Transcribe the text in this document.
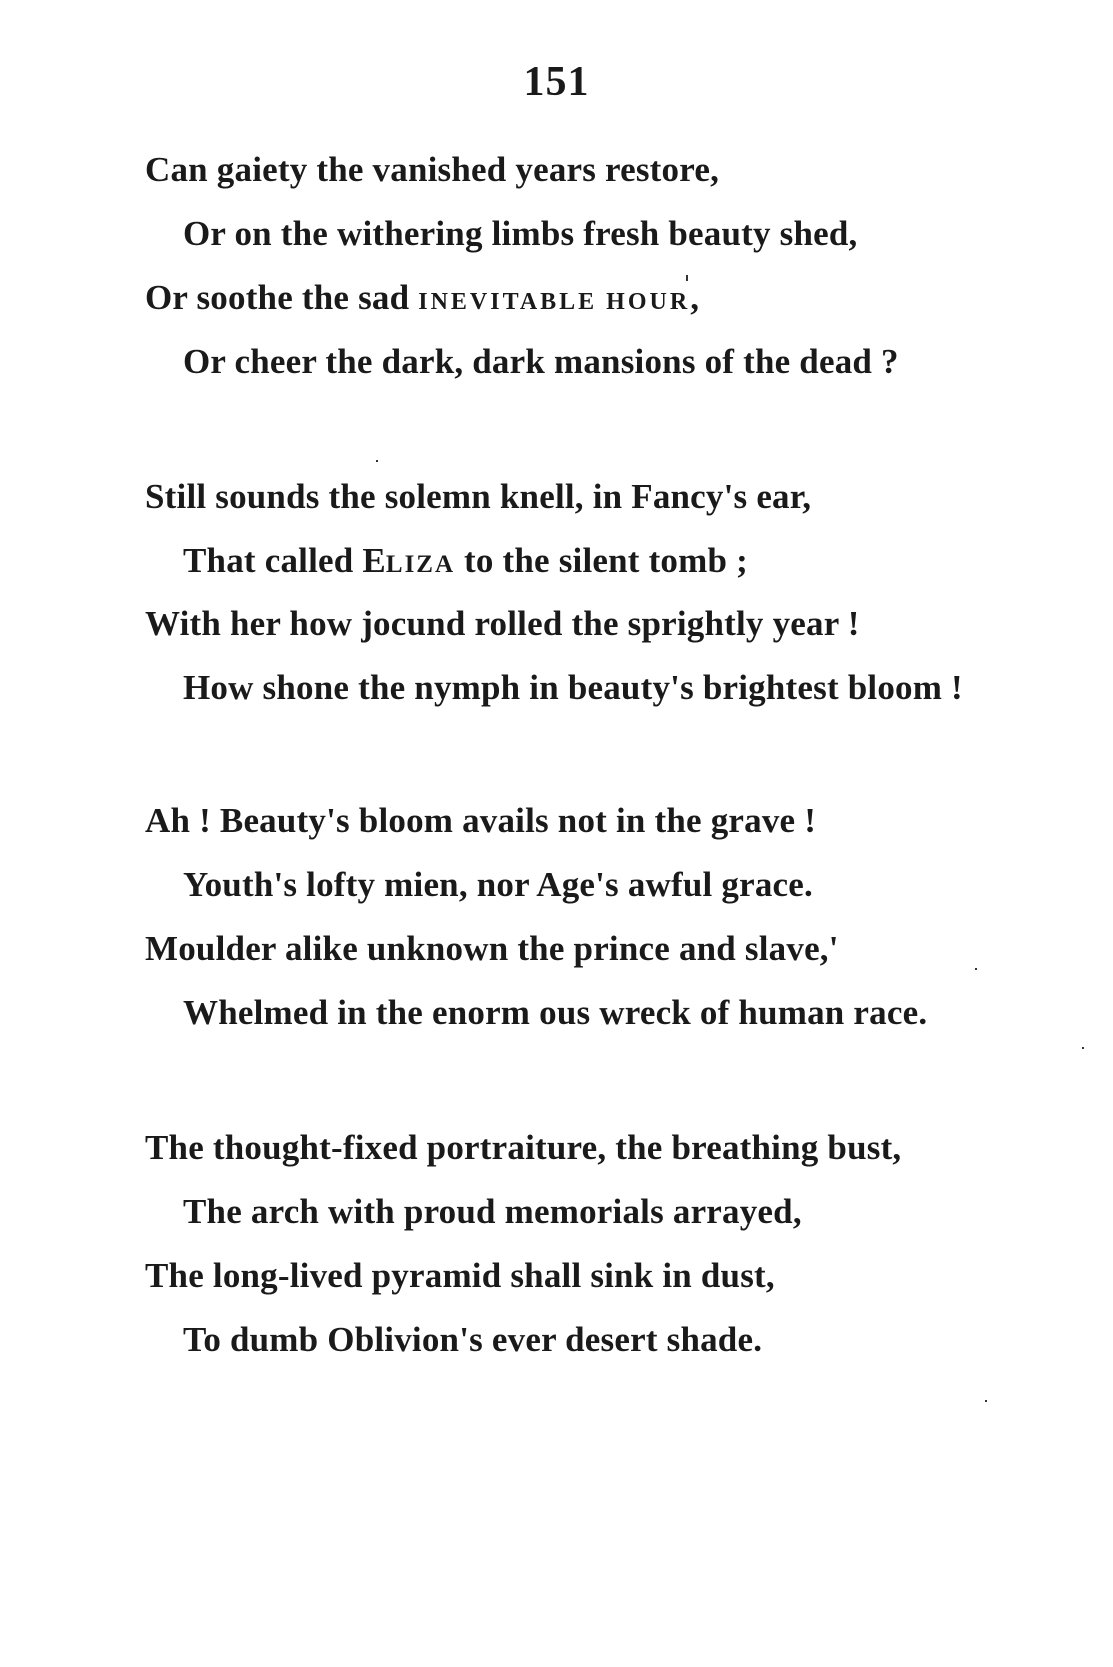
151
Can gaiety the vanished years restore,
Or on the withering limbs fresh beauty shed,
Or soothe the sad INEVITABLE HOUR,
Or cheer the dark, dark mansions of the dead ?
Still sounds the solemn knell, in Fancy's ear,
That called ELIZA to the silent tomb ;
With her how jocund rolled the sprightly year !
How shone the nymph in beauty's brightest bloom !
Ah ! Beauty's bloom avails not in the grave !
Youth's lofty mien, nor Age's awful grace.
Moulder alike unknown the prince and slave,'
Whelmed in the enorm ous wreck of human race.
The thought-fixed portraiture, the breathing bust,
The arch with proud memorials arrayed,
The long-lived pyramid shall sink in dust,
To dumb Oblivion's ever desert shade.
